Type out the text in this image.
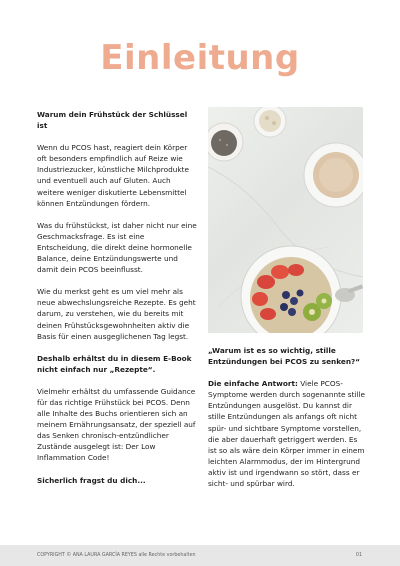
Einleitung

Warum dein Frühstück der Schlüssel ist

Wenn du PCOS hast, reagiert dein Körper oft besonders empfindlich auf Reize wie Industriezucker, künstliche Milchprodukte und eventuell auch auf Gluten. Auch weitere weniger diskutierte Lebensmittel können Entzündungen fördern.

Was du frühstückst, ist daher nicht nur eine Geschmacksfrage. Es ist eine Entscheidung, die direkt deine hormonelle Balance, deine Entzündungswerte und damit dein PCOS beeinflusst.

Wie du merkst geht es um viel mehr als neue abwechslungsreiche Rezepte. Es geht darum, zu verstehen, wie du bereits mit deinen Frühstücksgewohnheiten aktiv die Basis für einen ausgeglichenen Tag legst.

Deshalb erhältst du in diesem E-Book nicht einfach nur „Rezepte“.

Vielmehr erhältst du umfassende Guidance für das richtige Frühstück bei PCOS. Denn alle Inhalte des Buchs orientieren sich an meinem Ernährungsansatz, der speziell auf das Senken chronisch-entzündlicher Zustände ausgelegt ist: Der Low Inflammation Code!

Sicherlich fragst du dich...

„Warum ist es so wichtig, stille Entzündungen bei PCOS zu senken?“

Die einfache Antwort: Viele PCOS-Symptome werden durch sogenannte stille Entzündungen ausgelöst. Du kannst dir stille Entzündungen als anfangs oft nicht spür- und sichtbare Symptome vorstellen, die aber dauerhaft getriggert werden. Es ist so als wäre dein Körper immer in einem leichten Alarmmodus, der im Hintergrund aktiv ist und irgendwann so stört, dass er sicht- und spürbar wird.

COPYRIGHT © ANA LAURA GARCÍA REYES alle Rechte vorbehalten	01
